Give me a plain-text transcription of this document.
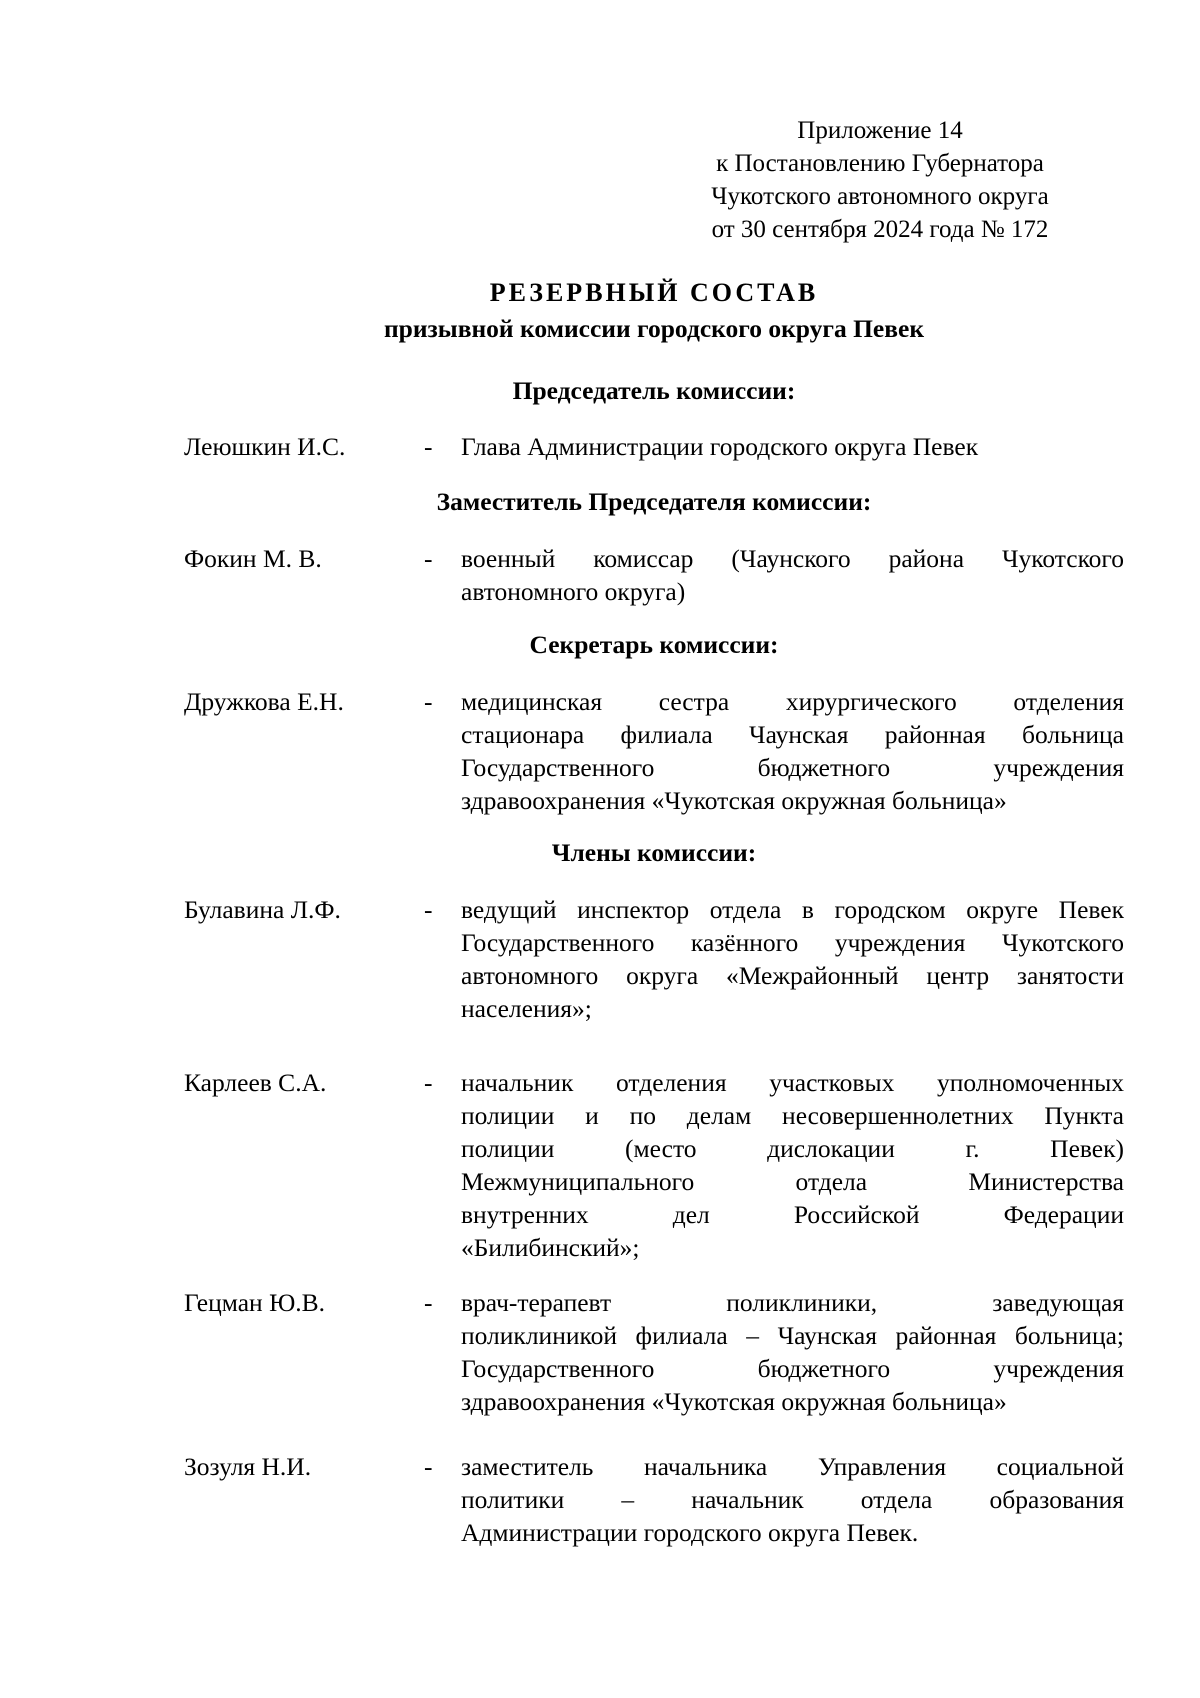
Приложение 14
к Постановлению Губернатора
Чукотского автономного округа
от 30 сентября 2024 года № 172
РЕЗЕРВНЫЙ СОСТАВ
призывной комиссии городского округа Певек
Председатель комиссии:
Леюшкин И.С.	- Глава Администрации городского округа Певек
Заместитель Председателя комиссии:
Фокин М. В.	- военный комиссар (Чаунского района Чукотского
автономного округа)
Секретарь комиссии:
Дружкова Е.Н.	- медицинская сестра хирургического отделения
стационара филиала Чаунская районная больница
Государственного бюджетного учреждения
здравоохранения «Чукотская окружная больница»
Члены комиссии:
Булавина Л.Ф.	- ведущий инспектор отдела в городском округе Певек
Государственного казённого учреждения Чукотского
автономного округа «Межрайонный центр занятости
населения»;
Карлеев С.А.	- начальник отделения участковых уполномоченных
полиции и по делам несовершеннолетних Пункта
полиции (место дислокации г. Певек)
Межмуниципального отдела Министерства
внутренних дел Российской Федерации
«Билибинский»;
Гецман Ю.В.	- врач-терапевт поликлиники, заведующая
поликлиникой филиала – Чаунская районная больница;
Государственного бюджетного учреждения
здравоохранения «Чукотская окружная больница»
Зозуля Н.И.	- заместитель начальника Управления социальной
политики – начальник отдела образования
Администрации городского округа Певек.
